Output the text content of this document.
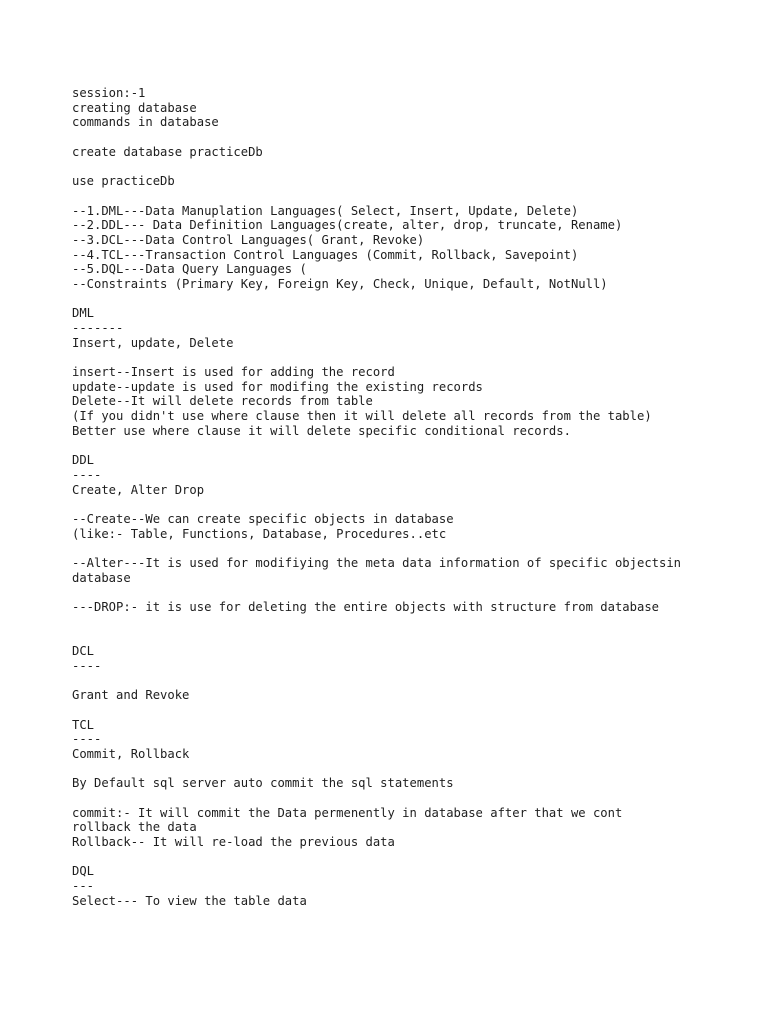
session:-1
creating database
commands in database
create database practiceDb
use practiceDb
--1.DML---Data Manuplation Languages( Select, Insert, Update, Delete)
--2.DDL--- Data Definition Languages(create, alter, drop, truncate, Rename)
--3.DCL---Data Control Languages( Grant, Revoke)
--4.TCL---Transaction Control Languages (Commit, Rollback, Savepoint)
--5.DQL---Data Query Languages (
--Constraints (Primary Key, Foreign Key, Check, Unique, Default, NotNull)
DML
-------
Insert, update, Delete
insert--Insert is used for adding the record
update--update is used for modifing the existing records
Delete--It will delete records from table
(If you didn't use where clause then it will delete all records from the table)
Better use where clause it will delete specific conditional records.
DDL
----
Create, Alter Drop
--Create--We can create specific objects in database
(like:- Table, Functions, Database, Procedures..etc
--Alter---It is used for modifiying the meta data information of specific objectsin
database
---DROP:- it is use for deleting the entire objects with structure from database
DCL
----
Grant and Revoke
TCL
----
Commit, Rollback
By Default sql server auto commit the sql statements
commit:- It will commit the Data permenently in database after that we cont
rollback the data
Rollback-- It will re-load the previous data
DQL
---
Select--- To view the table data
